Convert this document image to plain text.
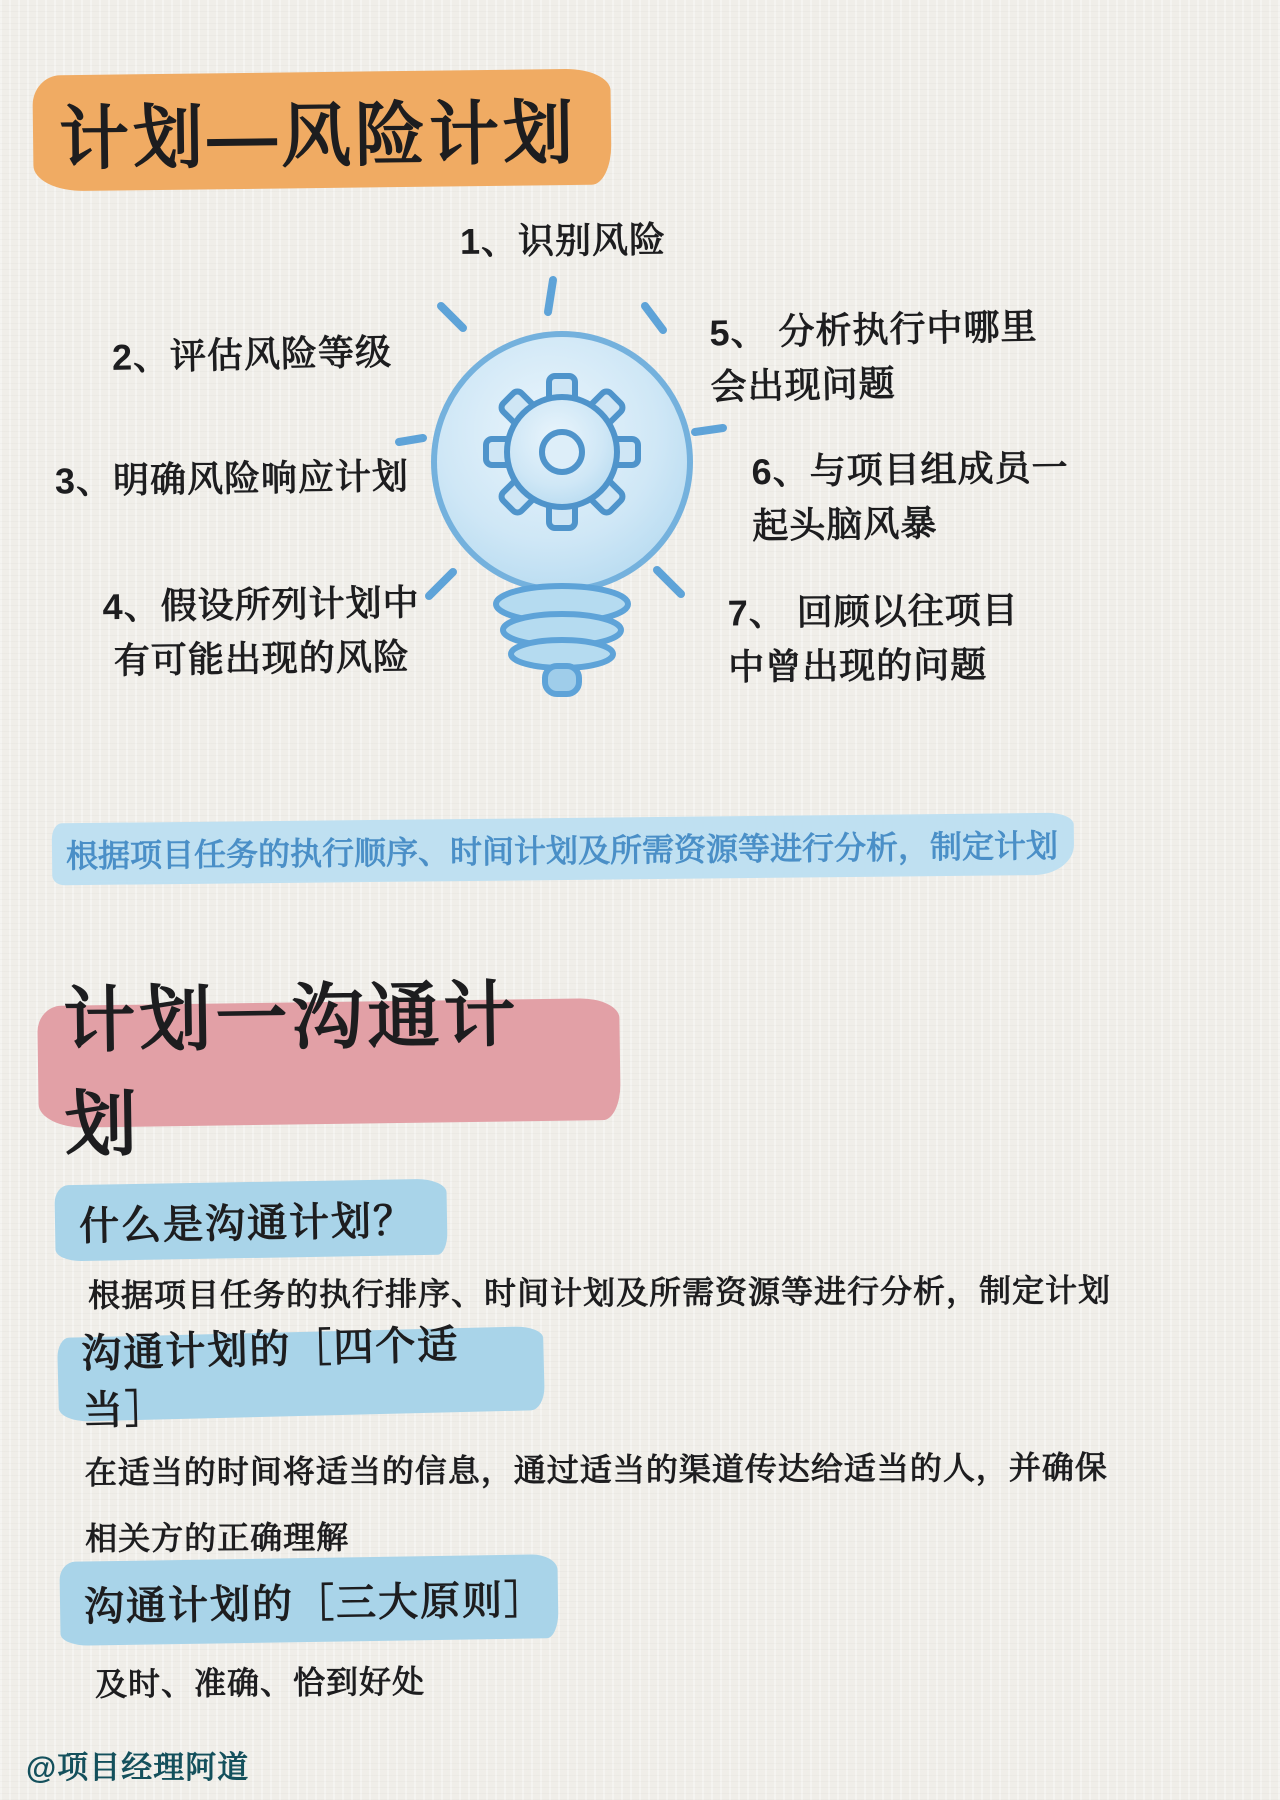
计划—风险计划
1、识别风险
2、评估风险等级
3、明确风险响应计划
4、假设所列计划中
有可能出现的风险
5、 分析执行中哪里
会出现问题
6、与项目组成员一
起头脑风暴
7、 回顾以往项目
中曾出现的问题
根据项目任务的执行顺序、时间计划及所需资源等进行分析，制定计划
计划一沟通计划
什么是沟通计划？
根据项目任务的执行排序、时间计划及所需资源等进行分析，制定计划
沟通计划的［四个适当］
在适当的时间将适当的信息，通过适当的渠道传达给适当的人，并确保相关方的正确理解
沟通计划的［三大原则］
及时、准确、恰到好处
@项目经理阿道
